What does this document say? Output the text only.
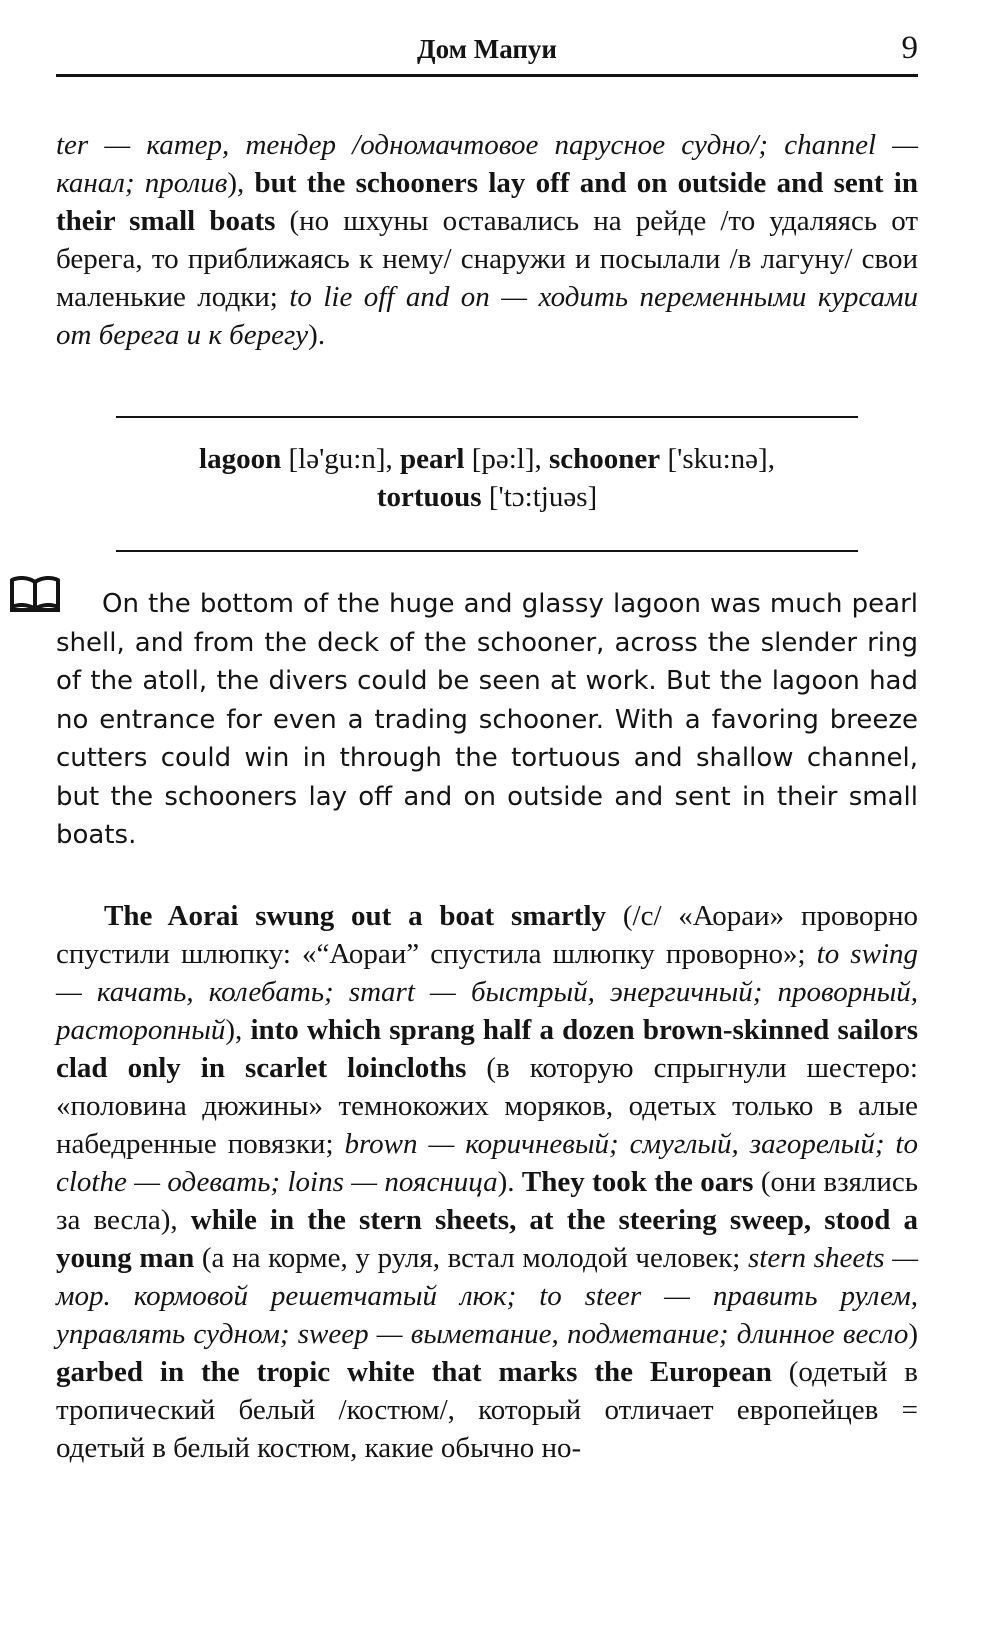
Дом Мапуи	9

ter — катер, тендер /одномачтовое парусное судно/; channel — канал; пролив), but the schooners lay off and on outside and sent in their small boats (но шхуны оставались на рейде /то удаляясь от берега, то приближаясь к нему/ снаружи и посылали /в лагуну/ свои маленькие лодки; to lie off and on — ходить переменными курсами от берега и к берегу).

lagoon [lə'gu:n], pearl [pə:l], schooner ['sku:nə],
tortuous ['tɔ:tjuəs]

On the bottom of the huge and glassy lagoon was much pearl shell, and from the deck of the schooner, across the slender ring of the atoll, the divers could be seen at work. But the lagoon had no entrance for even a trading schooner. With a favoring breeze cutters could win in through the tortuous and shallow channel, but the schooners lay off and on outside and sent in their small boats.

The Aorai swung out a boat smartly (/с/ «Аораи» проворно спустили шлюпку: «“Аораи” спустила шлюпку проворно»; to swing — качать, колебать; smart — быстрый, энергичный; проворный, расторопный), into which sprang half a dozen brown-skinned sailors clad only in scarlet loincloths (в которую спрыгнули шестеро: «половина дюжины» темнокожих моряков, одетых только в алые набедренные повязки; brown — коричневый; смуглый, загорелый; to clothe — одевать; loins — поясница). They took the oars (они взялись за весла), while in the stern sheets, at the steering sweep, stood a young man (а на корме, у руля, встал молодой человек; stern sheets — мор. кормовой решетчатый люк; to steer — править рулем, управлять судном; sweep — выметание, подметание; длинное весло) garbed in the tropic white that marks the European (одетый в тропический белый /костюм/, который отличает европейцев = одетый в белый костюм, какие обычно но-
